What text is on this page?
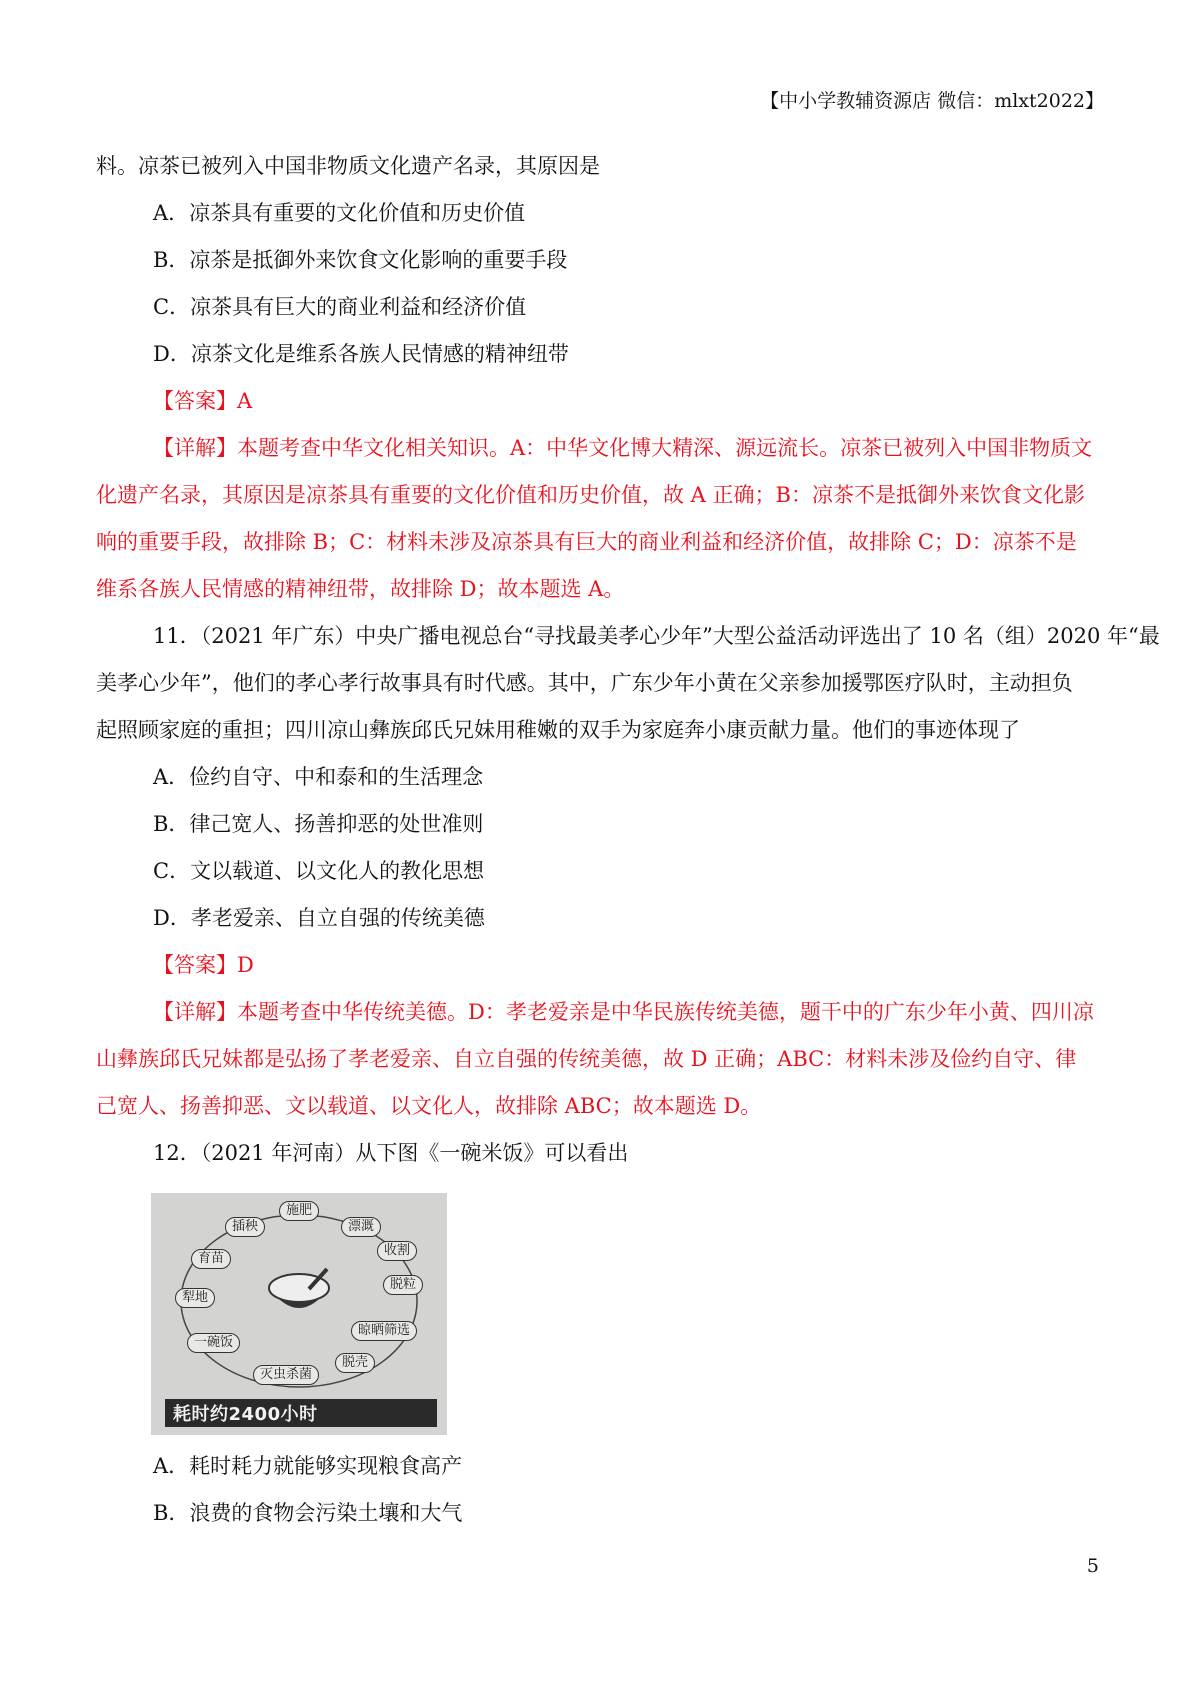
【中小学教辅资源店 微信：mlxt2022】
料。凉茶已被列入中国非物质文化遗产名录，其原因是
A．凉茶具有重要的文化价值和历史价值
B．凉茶是抵御外来饮食文化影响的重要手段
C．凉茶具有巨大的商业利益和经济价值
D．凉茶文化是维系各族人民情感的精神纽带
【答案】A
【详解】本题考查中华文化相关知识。A：中华文化博大精深、源远流长。凉茶已被列入中国非物质文
化遗产名录，其原因是凉茶具有重要的文化价值和历史价值，故 A 正确；B：凉茶不是抵御外来饮食文化影
响的重要手段，故排除 B；C：材料未涉及凉茶具有巨大的商业利益和经济价值，故排除 C；D：凉茶不是
维系各族人民情感的精神纽带，故排除 D；故本题选 A。
11．（2021 年广东）中央广播电视总台“寻找最美孝心少年”大型公益活动评选出了 10 名（组）2020 年“最
美孝心少年”，他们的孝心孝行故事具有时代感。其中，广东少年小黄在父亲参加援鄂医疗队时，主动担负
起照顾家庭的重担；四川凉山彝族邱氏兄妹用稚嫩的双手为家庭奔小康贡献力量。他们的事迹体现了
A．俭约自守、中和泰和的生活理念
B．律己宽人、扬善抑恶的处世准则
C．文以载道、以文化人的教化思想
D．孝老爱亲、自立自强的传统美德
【答案】D
【详解】本题考查中华传统美德。D：孝老爱亲是中华民族传统美德，题干中的广东少年小黄、四川凉
山彝族邱氏兄妹都是弘扬了孝老爱亲、自立自强的传统美德，故 D 正确；ABC：材料未涉及俭约自守、律
己宽人、扬善抑恶、文以载道、以文化人，故排除 ABC；故本题选 D。
12．（2021 年河南）从下图《一碗米饭》可以看出
施肥
漂溉
收割
脱粒
晾晒筛选
脱壳
灭虫杀菌
一碗饭
犁地
育苗
插秧
耗时约2400小时
A．耗时耗力就能够实现粮食高产
B．浪费的食物会污染土壤和大气
5
